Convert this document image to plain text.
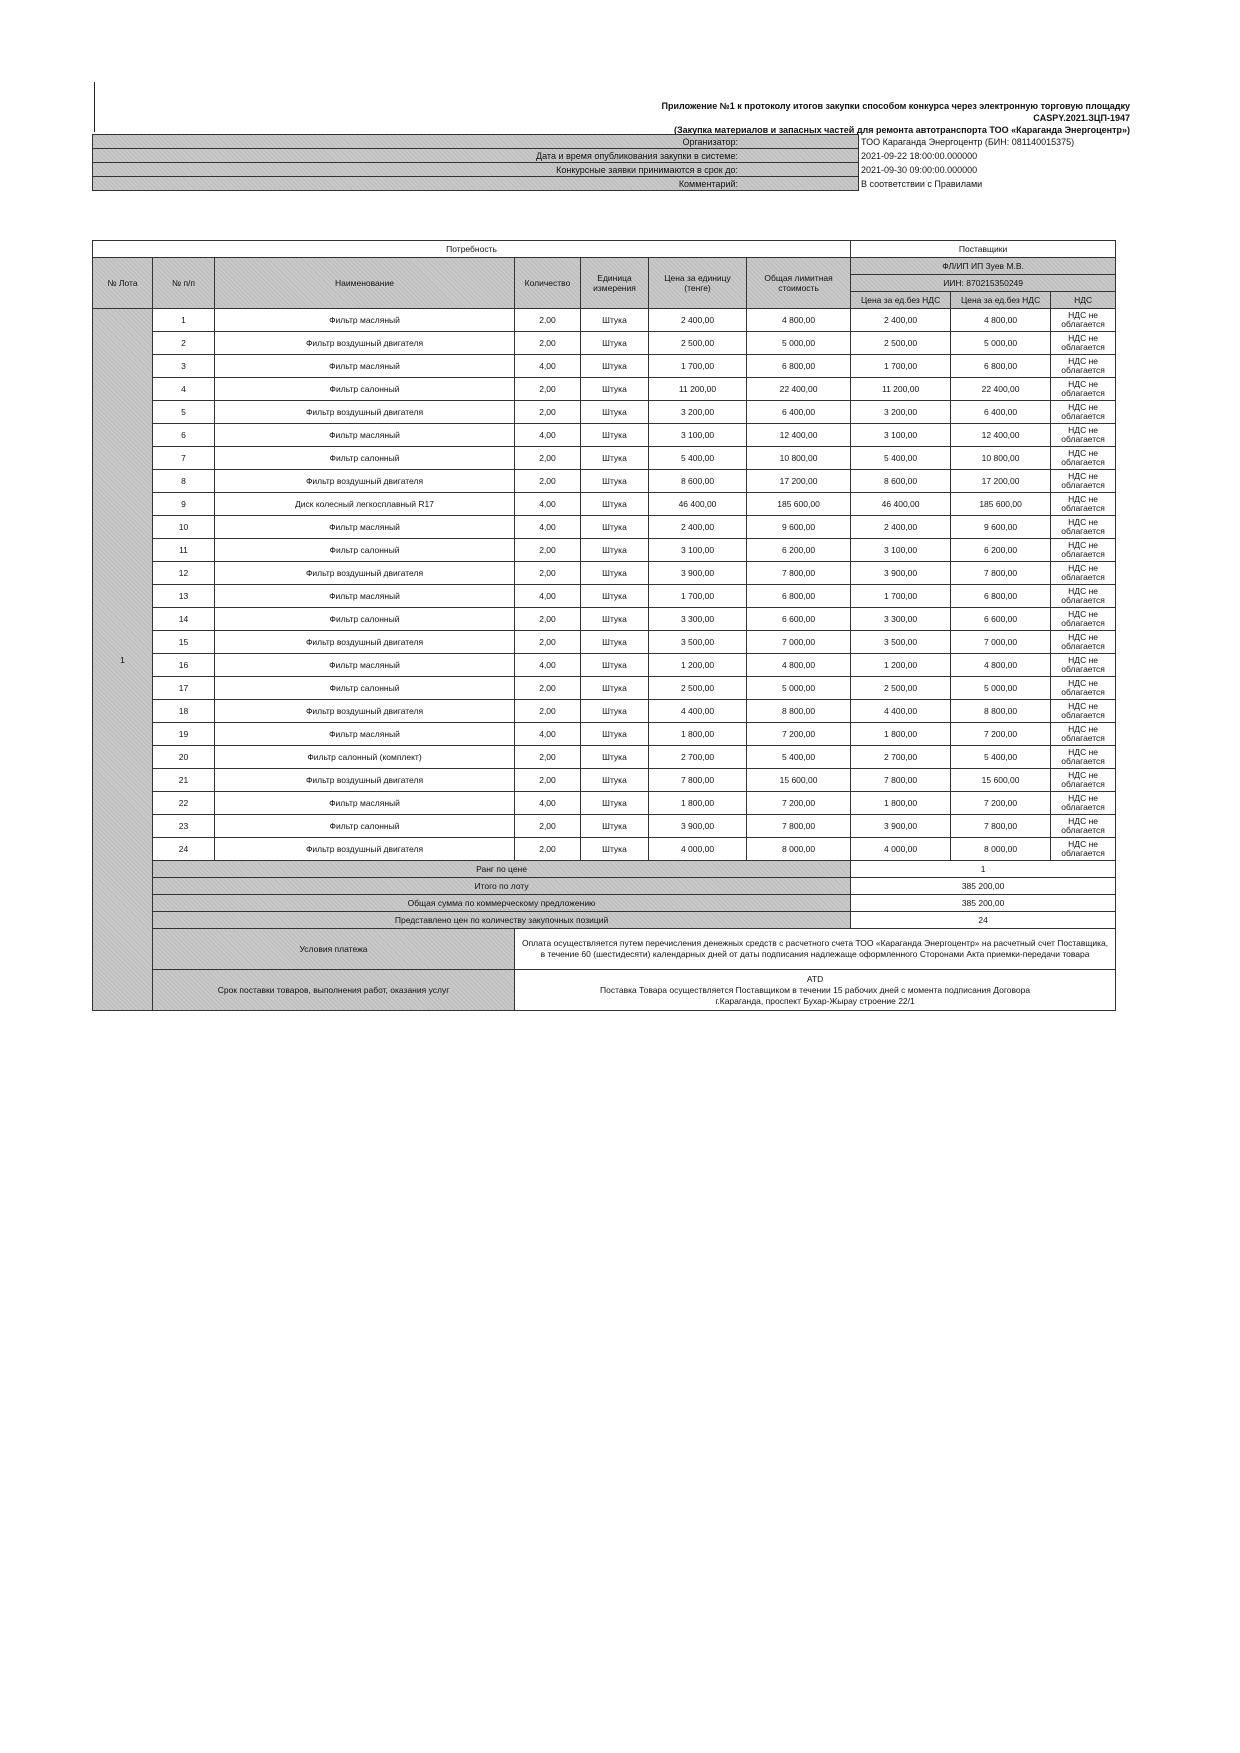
Приложение №1 к протоколу итогов закупки способом конкурса через электронную торговую площадку
CASPY.2021.ЗЦП-1947
(Закупка материалов и запасных частей для ремонта автотранспорта ТОО «Караганда Энергоцентр»)
Организатор:	ТОО Караганда Энергоцентр (БИН: 081140015375)
Дата и время опубликования закупки в системе:	2021-09-22 18:00:00.000000
Конкурсные заявки принимаются в срок до:	2021-09-30 09:00:00.000000
Комментарий:	В соответствии с Правилами
Потребность							Поставщики		
№ Лота	№ п/п	Наименование	Количество	Единица измерения	Цена за единицу (тенге)	Общая лимитная стоимость	ФЛ/ИП ИП Зуев М.В.		
							ИИН: 870215350249		
							Цена за ед.без НДС	Цена за ед.без НДС	НДС
1	1	Фильтр масляный	2,00	Штука	2 400,00	4 800,00	2 400,00	4 800,00	НДС не облагается
	2	Фильтр воздушный двигателя	2,00	Штука	2 500,00	5 000,00	2 500,00	5 000,00	НДС не облагается
	3	Фильтр масляный	4,00	Штука	1 700,00	6 800,00	1 700,00	6 800,00	НДС не облагается
	4	Фильтр салонный	2,00	Штука	11 200,00	22 400,00	11 200,00	22 400,00	НДС не облагается
	5	Фильтр воздушный двигателя	2,00	Штука	3 200,00	6 400,00	3 200,00	6 400,00	НДС не облагается
	6	Фильтр масляный	4,00	Штука	3 100,00	12 400,00	3 100,00	12 400,00	НДС не облагается
	7	Фильтр салонный	2,00	Штука	5 400,00	10 800,00	5 400,00	10 800,00	НДС не облагается
	8	Фильтр воздушный двигателя	2,00	Штука	8 600,00	17 200,00	8 600,00	17 200,00	НДС не облагается
	9	Диск колесный легкосплавный R17	4,00	Штука	46 400,00	185 600,00	46 400,00	185 600,00	НДС не облагается
	10	Фильтр масляный	4,00	Штука	2 400,00	9 600,00	2 400,00	9 600,00	НДС не облагается
	11	Фильтр салонный	2,00	Штука	3 100,00	6 200,00	3 100,00	6 200,00	НДС не облагается
	12	Фильтр воздушный двигателя	2,00	Штука	3 900,00	7 800,00	3 900,00	7 800,00	НДС не облагается
	13	Фильтр масляный	4,00	Штука	1 700,00	6 800,00	1 700,00	6 800,00	НДС не облагается
	14	Фильтр салонный	2,00	Штука	3 300,00	6 600,00	3 300,00	6 600,00	НДС не облагается
	15	Фильтр воздушный двигателя	2,00	Штука	3 500,00	7 000,00	3 500,00	7 000,00	НДС не облагается
	16	Фильтр масляный	4,00	Штука	1 200,00	4 800,00	1 200,00	4 800,00	НДС не облагается
	17	Фильтр салонный	2,00	Штука	2 500,00	5 000,00	2 500,00	5 000,00	НДС не облагается
	18	Фильтр воздушный двигателя	2,00	Штука	4 400,00	8 800,00	4 400,00	8 800,00	НДС не облагается
	19	Фильтр масляный	4,00	Штука	1 800,00	7 200,00	1 800,00	7 200,00	НДС не облагается
	20	Фильтр салонный (комплект)	2,00	Штука	2 700,00	5 400,00	2 700,00	5 400,00	НДС не облагается
	21	Фильтр воздушный двигателя	2,00	Штука	7 800,00	15 600,00	7 800,00	15 600,00	НДС не облагается
	22	Фильтр масляный	4,00	Штука	1 800,00	7 200,00	1 800,00	7 200,00	НДС не облагается
	23	Фильтр салонный	2,00	Штука	3 900,00	7 800,00	3 900,00	7 800,00	НДС не облагается
	24	Фильтр воздушный двигателя	2,00	Штука	4 000,00	8 000,00	4 000,00	8 000,00	НДС не облагается
	Ранг по цене						1		
	Итого по лоту						385 200,00		
	Общая сумма по коммерческому предложению						385 200,00		
	Представлено цен по количеству закупочных позиций						24		
	Условия платежа		Оплата осуществляется путем перечисления денежных средств с расчетного счета ТОО «Караганда Энергоцентр» на расчетный счет Поставщика, в течение 60 (шестидесяти) календарных дней от даты подписания надлежаще оформленного Сторонами Акта приемки-передачи товара						
	Срок поставки товаров, выполнения работ, оказания услуг		ATD
Поставка Товара осуществляется Поставщиком в течении 15 рабочих дней с момента подписания Договора
г.Караганда, проспект Бухар-Жырау строение 22/1						
